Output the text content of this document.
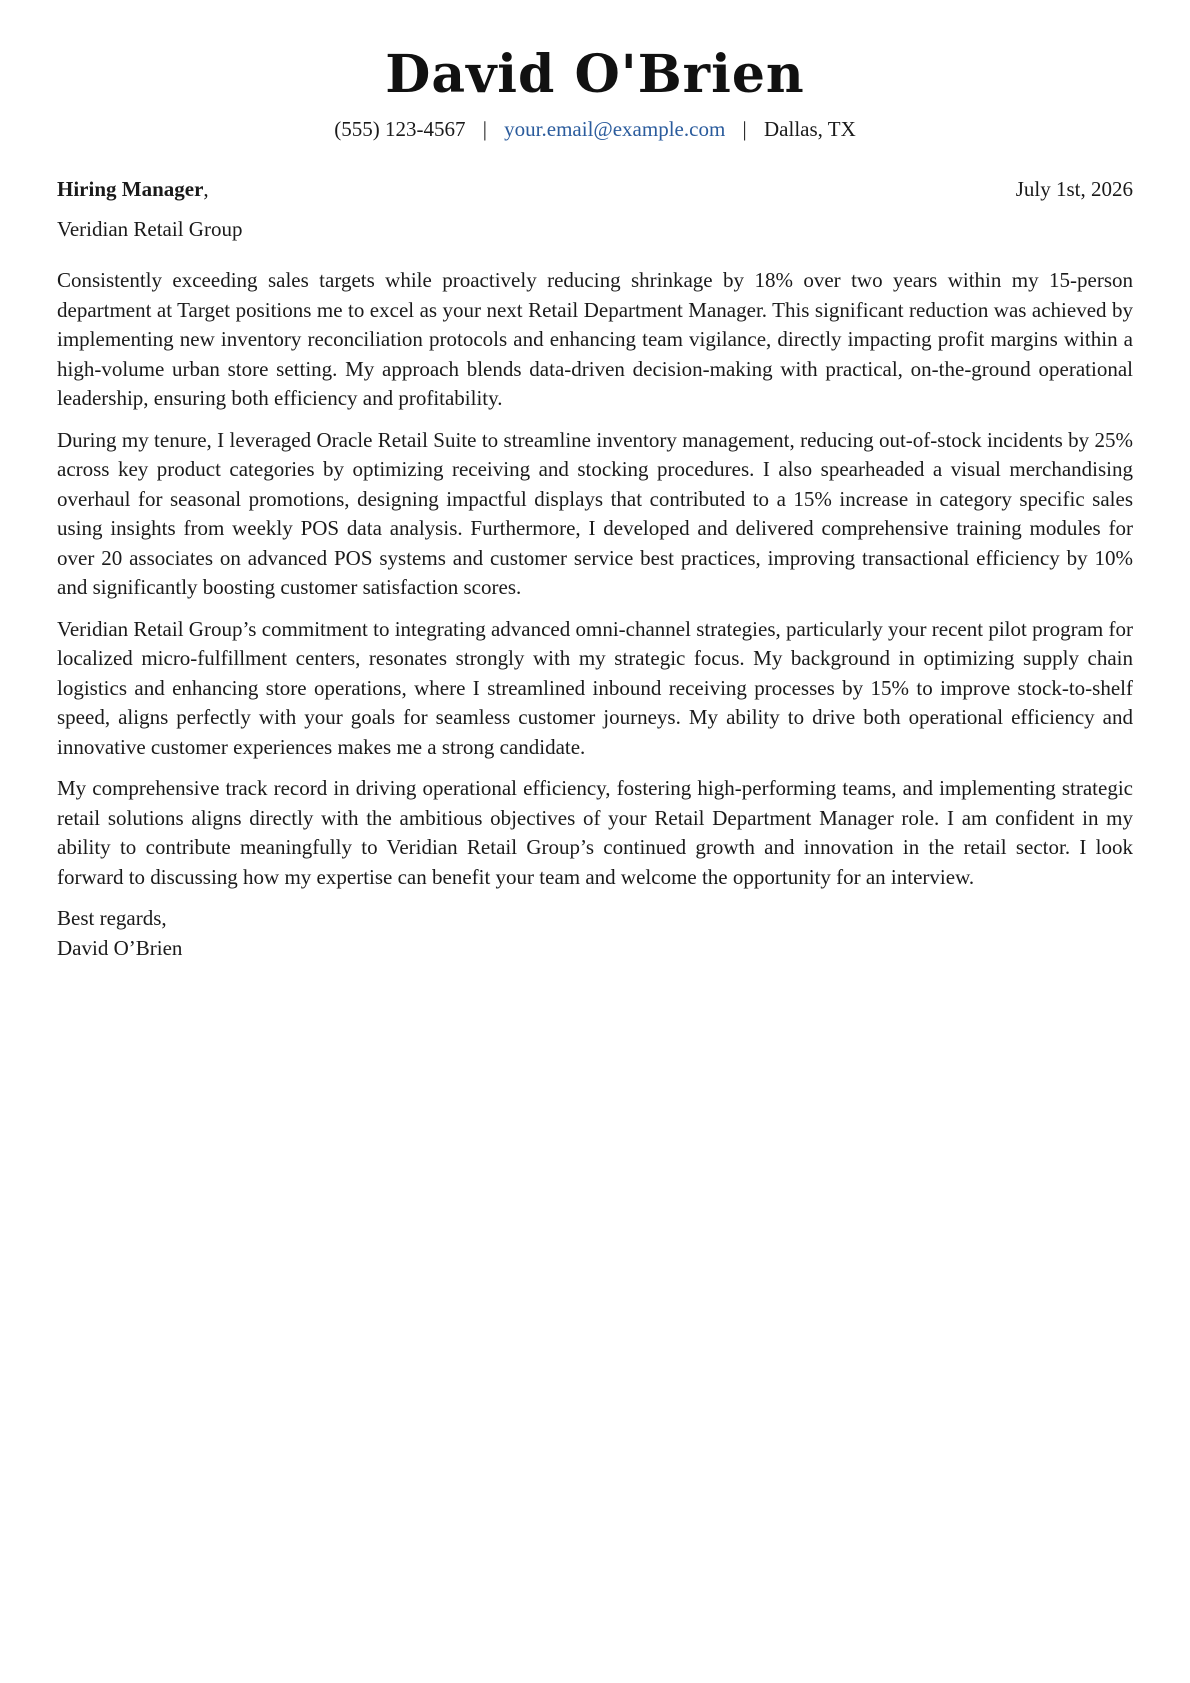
David O'Brien
(555) 123-4567 | your.email@example.com | Dallas, TX
Hiring Manager,	July 1st, 2026
Veridian Retail Group

Consistently exceeding sales targets while proactively reducing shrinkage by 18% over two years within my 15-person department at Target positions me to excel as your next Retail Department Manager. This significant reduction was achieved by implementing new inventory reconciliation protocols and enhancing team vigilance, directly impacting profit margins within a high-volume urban store setting. My approach blends data-driven decision-making with practical, on-the-ground operational leadership, ensuring both efficiency and profitability.

During my tenure, I leveraged Oracle Retail Suite to streamline inventory management, reducing out-of-stock incidents by 25% across key product categories by optimizing receiving and stocking procedures. I also spearheaded a visual merchandising overhaul for seasonal promotions, designing impactful displays that contributed to a 15% increase in category specific sales using insights from weekly POS data analysis. Furthermore, I developed and delivered comprehensive training modules for over 20 associates on advanced POS systems and customer service best practices, improving transactional efficiency by 10% and significantly boosting customer satisfaction scores.

Veridian Retail Group’s commitment to integrating advanced omni-channel strategies, particularly your recent pilot program for localized micro-fulfillment centers, resonates strongly with my strategic focus. My background in optimizing supply chain logistics and enhancing store operations, where I streamlined inbound receiving processes by 15% to improve stock-to-shelf speed, aligns perfectly with your goals for seamless customer journeys. My ability to drive both operational efficiency and innovative customer experiences makes me a strong candidate.

My comprehensive track record in driving operational efficiency, fostering high-performing teams, and implementing strategic retail solutions aligns directly with the ambitious objectives of your Retail Department Manager role. I am confident in my ability to contribute meaningfully to Veridian Retail Group’s continued growth and innovation in the retail sector. I look forward to discussing how my expertise can benefit your team and welcome the opportunity for an interview.

Best regards,
David O’Brien
